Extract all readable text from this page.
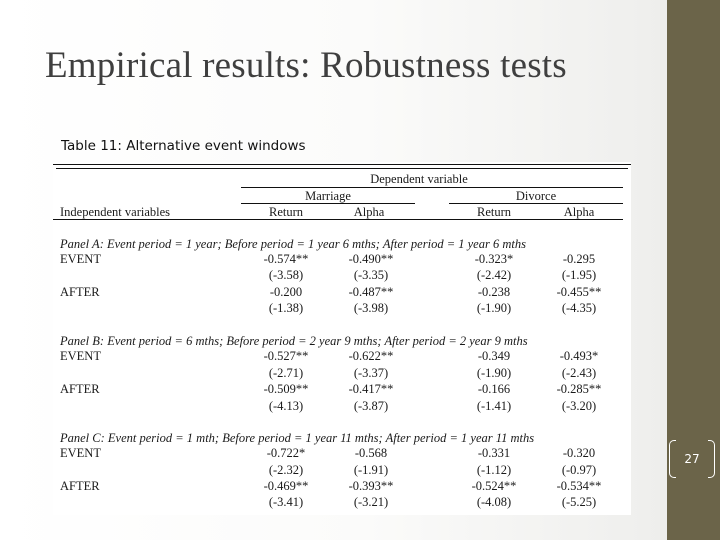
Empirical results: Robustness tests
Table 11: Alternative event windows
Dependent variable
Marriage	Divorce
Independent variables	Return	Alpha	Return	Alpha
Panel A: Event period = 1 year; Before period = 1 year 6 mths; After period = 1 year 6 mths
EVENT	-0.574**	-0.490**	-0.323*	-0.295
(-3.58)	(-3.35)	(-2.42)	(-1.95)
AFTER	-0.200	-0.487**	-0.238	-0.455**
(-1.38)	(-3.98)	(-1.90)	(-4.35)
Panel B: Event period = 6 mths; Before period = 2 year 9 mths; After period = 2 year 9 mths
EVENT	-0.527**	-0.622**	-0.349	-0.493*
(-2.71)	(-3.37)	(-1.90)	(-2.43)
AFTER	-0.509**	-0.417**	-0.166	-0.285**
(-4.13)	(-3.87)	(-1.41)	(-3.20)
Panel C: Event period = 1 mth; Before period = 1 year 11 mths; After period = 1 year 11 mths
EVENT	-0.722*	-0.568	-0.331	-0.320
(-2.32)	(-1.91)	(-1.12)	(-0.97)
AFTER	-0.469**	-0.393**	-0.524**	-0.534**
(-3.41)	(-3.21)	(-4.08)	(-5.25)
27
